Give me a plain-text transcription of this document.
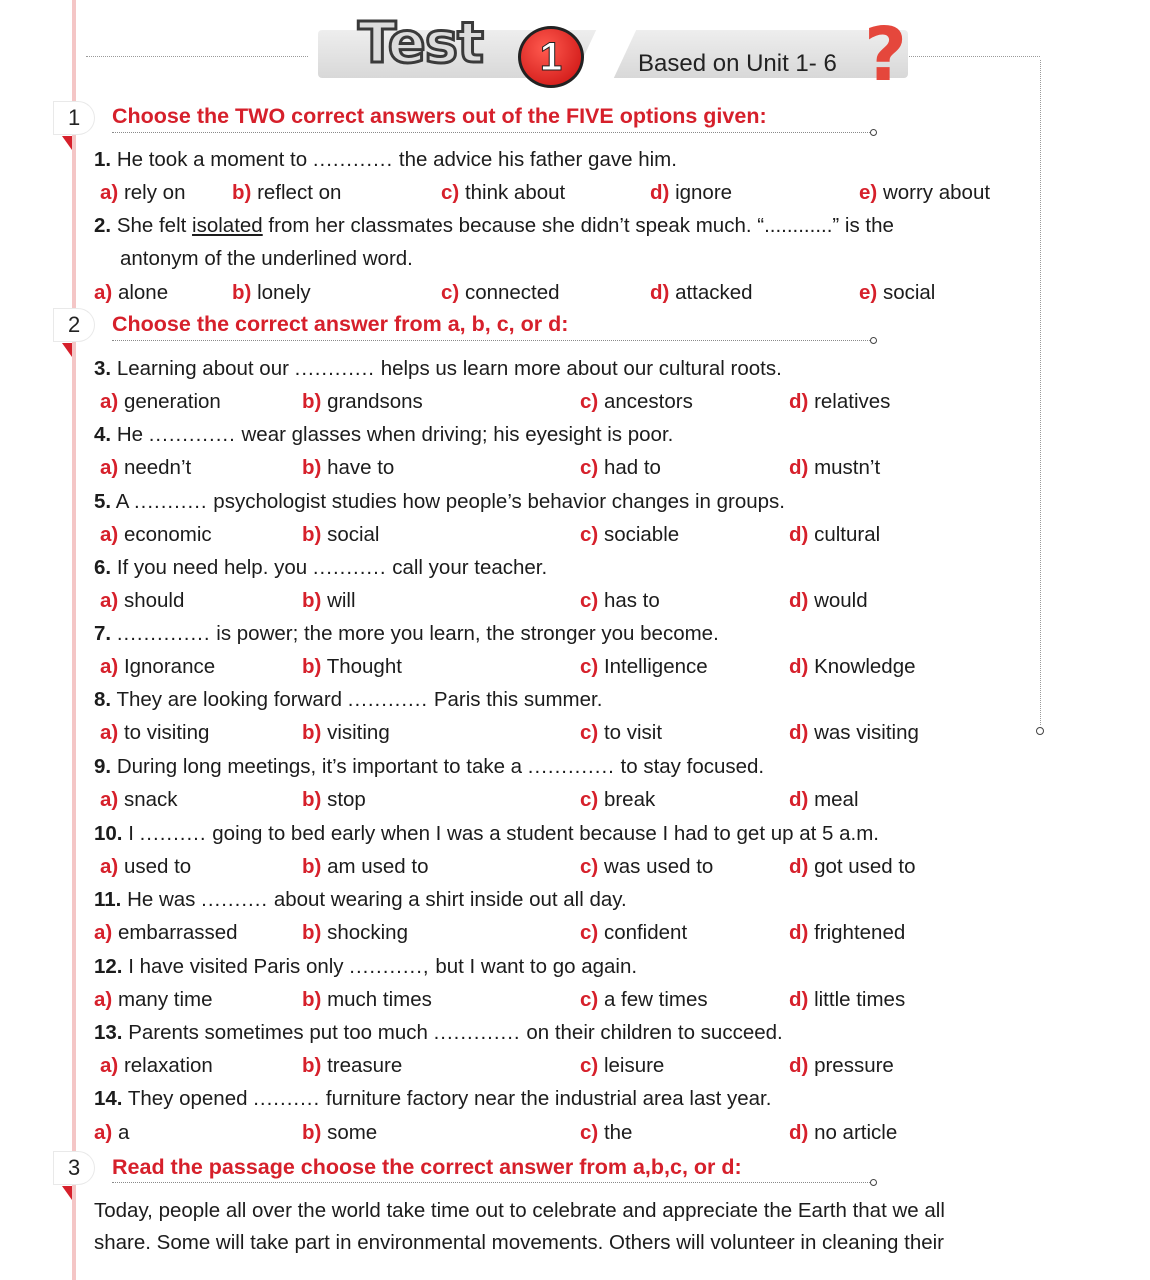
Test	1	Based on Unit 1- 6 ?
1	Choose the TWO correct answers out of the FIVE options given:
1. He took a moment to ............ the advice his father gave him.
a) rely on b) reflect on	c) think about	d) ignore	e) worry about
2. She felt isolated from her classmates because she didn’t speak much. “............” is the
antonym of the underlined word.
a) alone	b) lonely	c) connected	d) attacked	e) social
2	Choose the correct answer from a, b, c, or d:
3. Learning about our ............ helps us learn more about our cultural roots.
a) generation	b) grandsons	c) ancestors	d) relatives
4. He ............. wear glasses when driving; his eyesight is poor.
a) needn’t	b) have to	c) had to	d) mustn’t
5. A ........... psychologist studies how people’s behavior changes in groups.
a) economic	b) social	c) sociable	d) cultural
6. If you need help. you ........... call your teacher.
a) should	b) will	c) has to	d) would
7. .............. is power; the more you learn, the stronger you become.
a) Ignorance	b) Thought	c) Intelligence	d) Knowledge
8. They are looking forward ............ Paris this summer.
a) to visiting	b) visiting	c) to visit	d) was visiting
9. During long meetings, it’s important to take a ............. to stay focused.
a) snack	b) stop	c) break	d) meal
10. I .......... going to bed early when I was a student because I had to get up at 5 a.m.
a) used to	b) am used to	c) was used to	d) got used to
11. He was .......... about wearing a shirt inside out all day.
a) embarrassed	b) shocking	c) confident	d) frightened
12. I have visited Paris only ..........., but I want to go again.
a) many time	b) much times	c) a few times	d) little times
13. Parents sometimes put too much ............. on their children to succeed.
a) relaxation	b) treasure	c) leisure	d) pressure
14. They opened .......... furniture factory near the industrial area last year.
a) a	b) some	c) the	d) no article
3	Read the passage choose the correct answer from a,b,c, or d:
Today, people all over the world take time out to celebrate and appreciate the Earth that we all
share. Some will take part in environmental movements. Others will volunteer in cleaning their
